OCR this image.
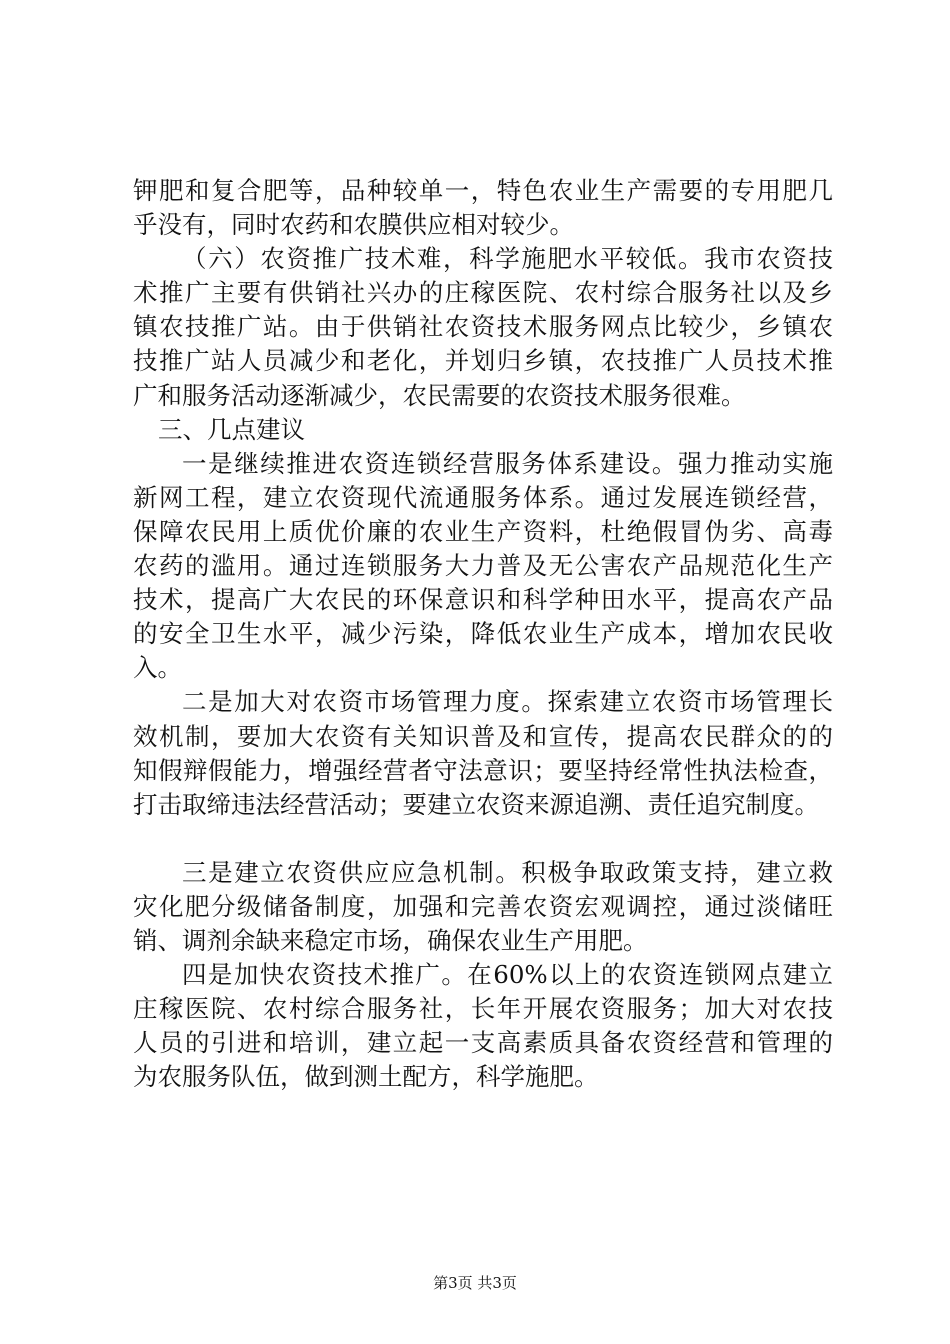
钾肥和复合肥等，品种较单一，特色农业生产需要的专用肥几
乎没有，同时农药和农膜供应相对较少。
（六）农资推广技术难，科学施肥水平较低。我市农资技
术推广主要有供销社兴办的庄稼医院、农村综合服务社以及乡
镇农技推广站。由于供销社农资技术服务网点比较少，乡镇农
技推广站人员减少和老化，并划归乡镇，农技推广人员技术推
广和服务活动逐渐减少，农民需要的农资技术服务很难。
三、几点建议
一是继续推进农资连锁经营服务体系建设。强力推动实施
新网工程，建立农资现代流通服务体系。通过发展连锁经营，
保障农民用上质优价廉的农业生产资料，杜绝假冒伪劣、高毒
农药的滥用。通过连锁服务大力普及无公害农产品规范化生产
技术，提高广大农民的环保意识和科学种田水平，提高农产品
的安全卫生水平，减少污染，降低农业生产成本，增加农民收
入。
二是加大对农资市场管理力度。探索建立农资市场管理长
效机制，要加大农资有关知识普及和宣传，提高农民群众的的
知假辩假能力，增强经营者守法意识；要坚持经常性执法检查，
打击取缔违法经营活动；要建立农资来源追溯、责任追究制度。
三是建立农资供应应急机制。积极争取政策支持，建立救
灾化肥分级储备制度，加强和完善农资宏观调控，通过淡储旺
销、调剂余缺来稳定市场，确保农业生产用肥。
四是加快农资技术推广。在60%以上的农资连锁网点建立
庄稼医院、农村综合服务社，长年开展农资服务；加大对农技
人员的引进和培训，建立起一支高素质具备农资经营和管理的
为农服务队伍，做到测土配方，科学施肥。
第3页 共3页
